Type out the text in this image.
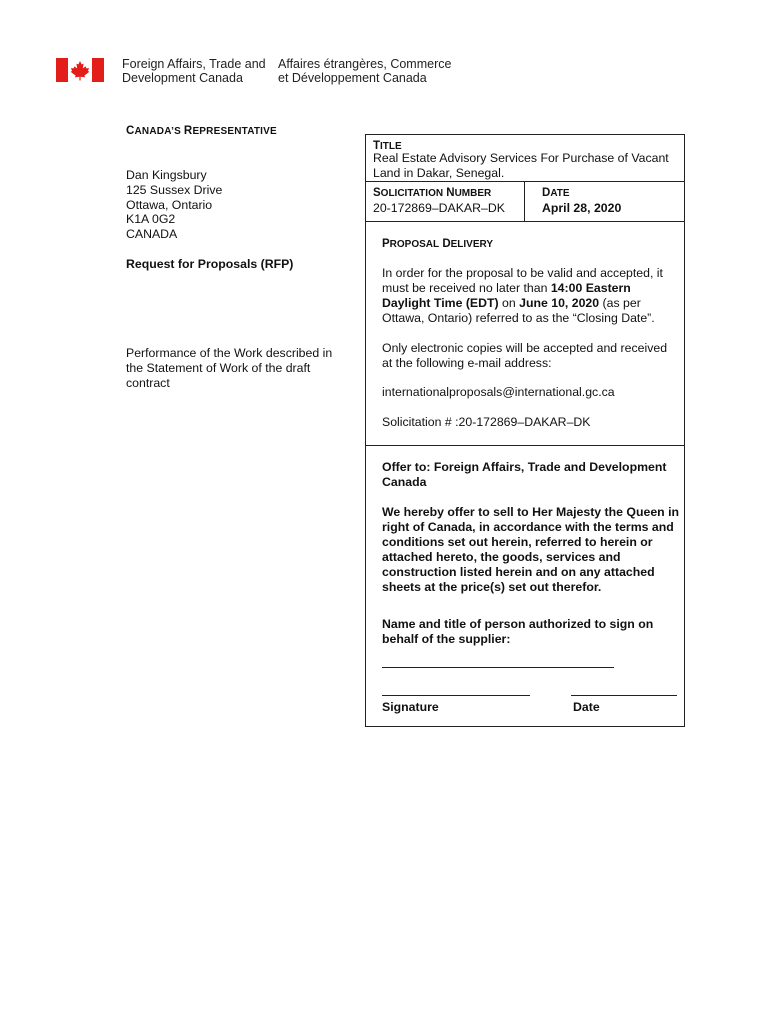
Foreign Affairs, Trade and
Development Canada
Affaires étrangères, Commerce
et Développement Canada
CANADA’S REPRESENTATIVE
Dan Kingsbury
125 Sussex Drive
Ottawa, Ontario
K1A 0G2
CANADA
Request for Proposals (RFP)
Performance of the Work described in the Statement of Work of the draft contract
TITLE
Real Estate Advisory Services For Purchase of Vacant Land in Dakar, Senegal.
SOLICITATION NUMBER
20-172869–DAKAR–DK
DATE
April 28, 2020
PROPOSAL DELIVERY
In order for the proposal to be valid and accepted, it must be received no later than 14:00 Eastern Daylight Time (EDT) on June 10, 2020 (as per Ottawa, Ontario) referred to as the “Closing Date”.
Only electronic copies will be accepted and received at the following e-mail address:
internationalproposals@international.gc.ca
Solicitation # :20-172869–DAKAR–DK
Offer to: Foreign Affairs, Trade and Development Canada
We hereby offer to sell to Her Majesty the Queen in right of Canada, in accordance with the terms and conditions set out herein, referred to herein or attached hereto, the goods, services and construction listed herein and on any attached sheets at the price(s) set out therefor.
Name and title of person authorized to sign on behalf of the supplier:
Signature	Date
